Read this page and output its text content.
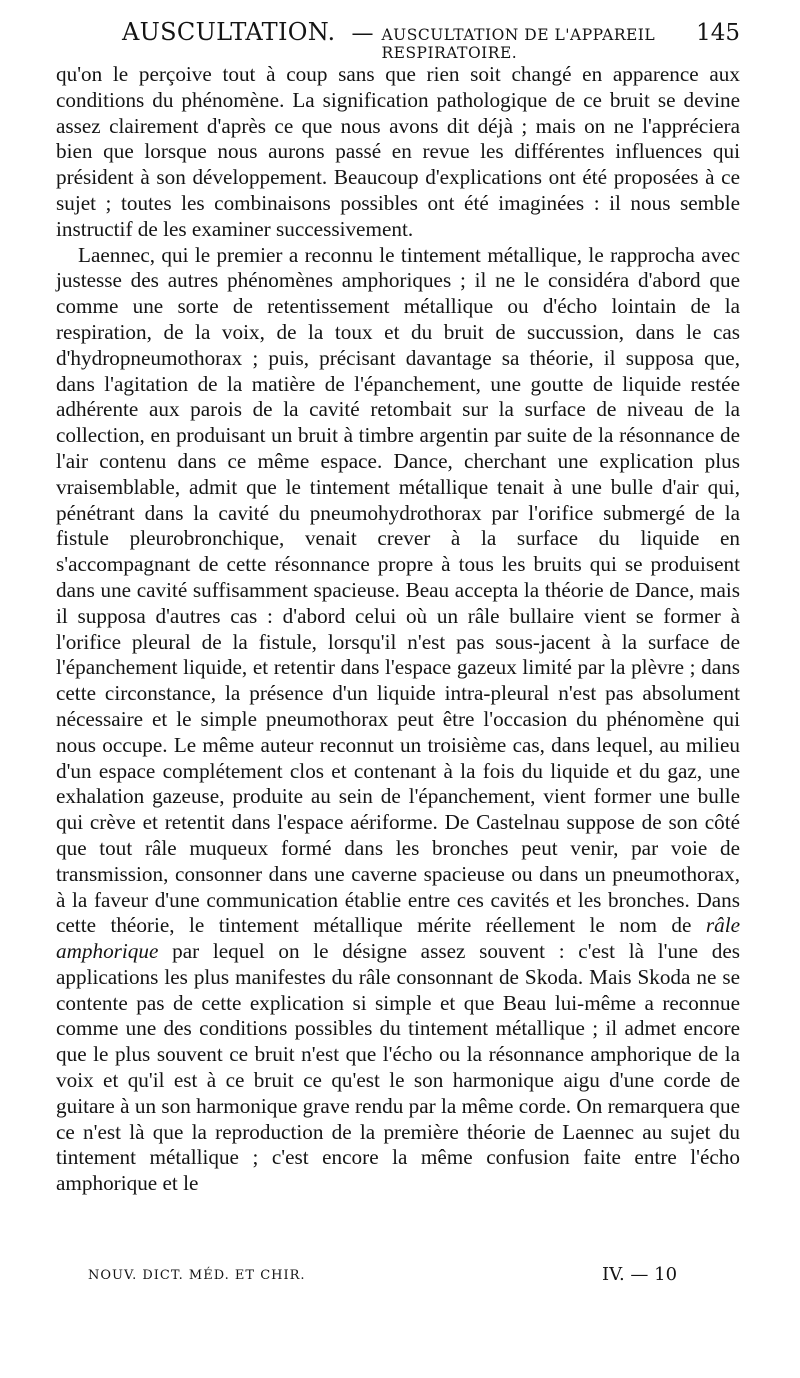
AUSCULTATION. — AUSCULTATION DE L'APPAREIL RESPIRATOIRE.
145

qu'on le perçoive tout à coup sans que rien soit changé en apparence aux conditions du phénomène. La signification pathologique de ce bruit se devine assez clairement d'après ce que nous avons dit déjà ; mais on ne l'appréciera bien que lorsque nous aurons passé en revue les différentes influences qui président à son développement. Beaucoup d'explications ont été proposées à ce sujet ; toutes les combinaisons possibles ont été imaginées : il nous semble instructif de les examiner successivement.

Laennec, qui le premier a reconnu le tintement métallique, le rapprocha avec justesse des autres phénomènes amphoriques ; il ne le considéra d'abord que comme une sorte de retentissement métallique ou d'écho lointain de la respiration, de la voix, de la toux et du bruit de succussion, dans le cas d'hydropneumothorax ; puis, précisant davantage sa théorie, il supposa que, dans l'agitation de la matière de l'épanchement, une goutte de liquide restée adhérente aux parois de la cavité retombait sur la surface de niveau de la collection, en produisant un bruit à timbre argentin par suite de la résonnance de l'air contenu dans ce même espace. Dance, cherchant une explication plus vraisemblable, admit que le tintement métallique tenait à une bulle d'air qui, pénétrant dans la cavité du pneumohydrothorax par l'orifice submergé de la fistule pleurobronchique, venait crever à la surface du liquide en s'accompagnant de cette résonnance propre à tous les bruits qui se produisent dans une cavité suffisamment spacieuse. Beau accepta la théorie de Dance, mais il supposa d'autres cas : d'abord celui où un râle bullaire vient se former à l'orifice pleural de la fistule, lorsqu'il n'est pas sous-jacent à la surface de l'épanchement liquide, et retentir dans l'espace gazeux limité par la plèvre ; dans cette circonstance, la présence d'un liquide intra-pleural n'est pas absolument nécessaire et le simple pneumothorax peut être l'occasion du phénomène qui nous occupe. Le même auteur reconnut un troisième cas, dans lequel, au milieu d'un espace complétement clos et contenant à la fois du liquide et du gaz, une exhalation gazeuse, produite au sein de l'épanchement, vient former une bulle qui crève et retentit dans l'espace aériforme. De Castelnau suppose de son côté que tout râle muqueux formé dans les bronches peut venir, par voie de transmission, consonner dans une caverne spacieuse ou dans un pneumothorax, à la faveur d'une communication établie entre ces cavités et les bronches. Dans cette théorie, le tintement métallique mérite réellement le nom de râle amphorique par lequel on le désigne assez souvent : c'est là l'une des applications les plus manifestes du râle consonnant de Skoda. Mais Skoda ne se contente pas de cette explication si simple et que Beau lui-même a reconnue comme une des conditions possibles du tintement métallique ; il admet encore que le plus souvent ce bruit n'est que l'écho ou la résonnance amphorique de la voix et qu'il est à ce bruit ce qu'est le son harmonique aigu d'une corde de guitare à un son harmonique grave rendu par la même corde. On remarquera que ce n'est là que la reproduction de la première théorie de Laennec au sujet du tintement métallique ; c'est encore la même confusion faite entre l'écho amphorique et le

NOUV. DICT. MÉD. ET CHIR.	IV. — 10
